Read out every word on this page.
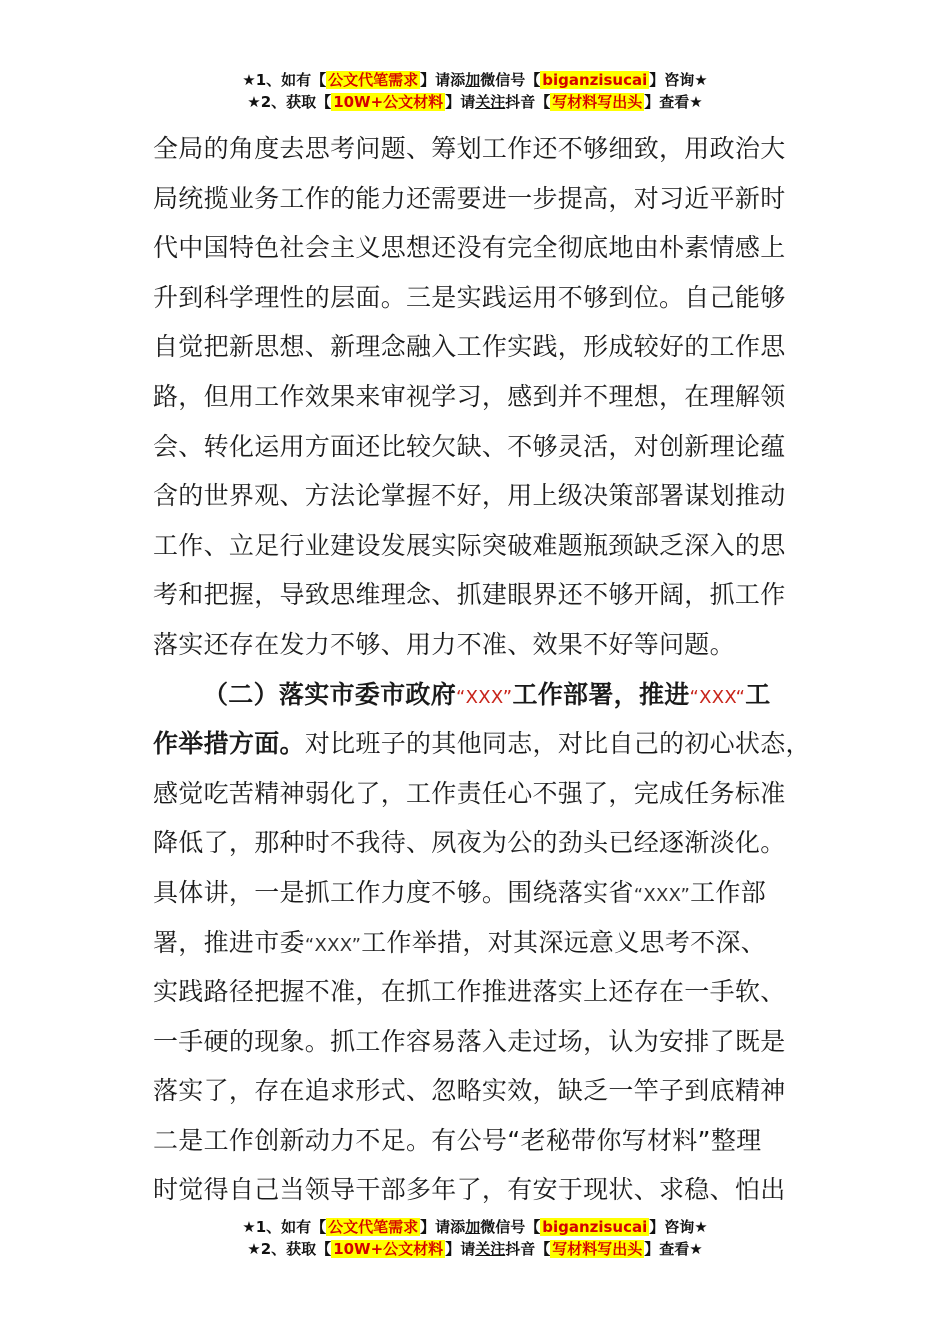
★1、如有【 公文代笔需求 】请添加微信号【 biganzisucai 】咨询★
★2、获取【 10W+公文材料 】请关注抖音【 写材料写出头 】查看★
全局的角度去思考问题、筹划工作还不够细致，用政治大
局统揽业务工作的能力还需要进一步提高，对习近平新时
代中国特色社会主义思想还没有完全彻底地由朴素情感上
升到科学理性的层面。三是实践运用不够到位。自己能够
自觉把新思想、新理念融入工作实践，形成较好的工作思
路，但用工作效果来审视学习，感到并不理想，在理解领
会、转化运用方面还比较欠缺、不够灵活，对创新理论蕴
含的世界观、方法论掌握不好，用上级决策部署谋划推动
工作、立足行业建设发展实际突破难题瓶颈缺乏深入的思
考和把握，导致思维理念、抓建眼界还不够开阔，抓工作
落实还存在发力不够、用力不准、效果不好等问题。
（二）落实市委市政府“XXX”工作部署，推进“XXX“工
作举措方面。对比班子的其他同志，对比自己的初心状态，
感觉吃苦精神弱化了，工作责任心不强了，完成任务标准
降低了，那种时不我待、夙夜为公的劲头已经逐渐淡化。
具体讲，一是抓工作力度不够。围绕落实省“XXX”工作部
署，推进市委“XXX”工作举措，对其深远意义思考不深、
实践路径把握不准，在抓工作推进落实上还存在一手软、
一手硬的现象。抓工作容易落入走过场，认为安排了既是
落实了，存在追求形式、忽略实效，缺乏一竿子到底精神
二是工作创新动力不足。有公号“老秘带你写材料”整理
时觉得自己当领导干部多年了，有安于现状、求稳、怕出
★1、如有【 公文代笔需求 】请添加微信号【 biganzisucai 】咨询★
★2、获取【 10W+公文材料 】请关注抖音【 写材料写出头 】查看★
